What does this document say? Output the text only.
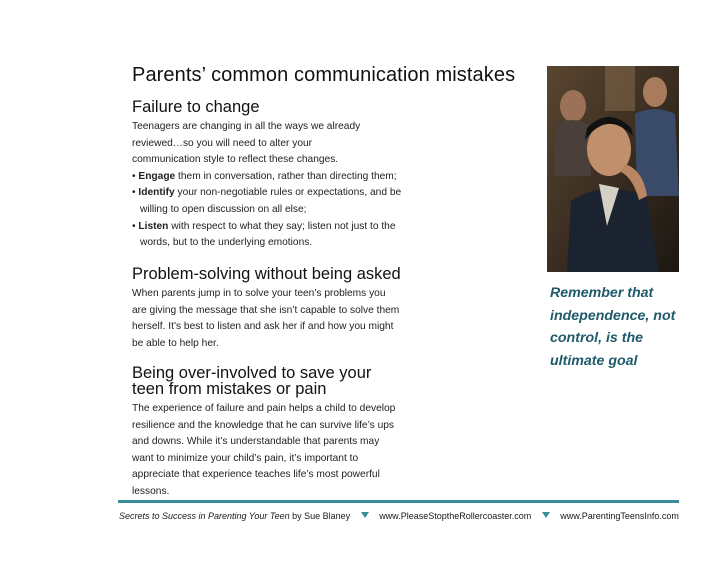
Parents’ common communication mistakes
Failure to change

Teenagers are changing in all the ways we already reviewed…so you will need to alter your communication style to reflect these changes.

• Engage them in conversation, rather than directing them;
• Identify your non-negotiable rules or expectations, and be willing to open discussion on all else;
• Listen with respect to what they say; listen not just to the words, but to the underlying emotions.
Problem-solving without being asked

When parents jump in to solve your teen’s problems you are giving the message that she isn’t capable to solve them herself. It’s best to listen and ask her if and how you might be able to help her.

Being over-involved to save your teen from mistakes or pain

The experience of failure and pain helps a child to develop resilience and the knowledge that he can survive life’s ups and downs. While it’s understandable that parents may want to minimize your child’s pain, it’s important to appreciate that experience teaches life’s most powerful lessons.

Remember that independence, not control, is the ultimate goal
Secrets to Success in Parenting Your Teen by Sue Blaney	www.PleaseStoptheRollercoaster.com	www.ParentingTeensInfo.com
